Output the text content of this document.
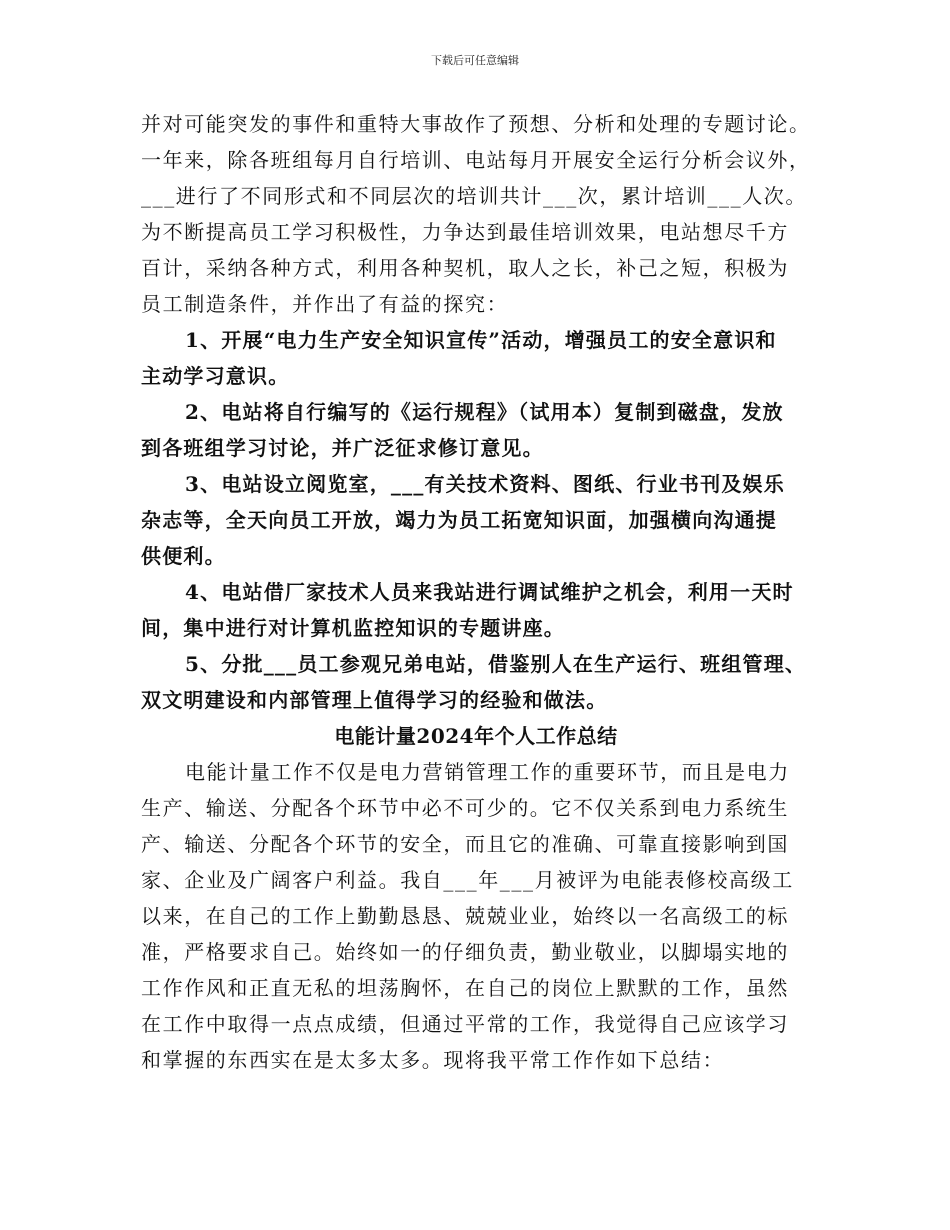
下载后可任意编辑
并对可能突发的事件和重特大事故作了预想、分析和处理的专题讨论。
一年来，除各班组每月自行培训、电站每月开展安全运行分析会议外，
___进行了不同形式和不同层次的培训共计___次，累计培训___人次。
为不断提高员工学习积极性，力争达到最佳培训效果，电站想尽千方
百计，采纳各种方式，利用各种契机，取人之长，补己之短，积极为
员工制造条件，并作出了有益的探究：
1、开展“电力生产安全知识宣传”活动，增强员工的安全意识和
主动学习意识。
2、电站将自行编写的《运行规程》（试用本）复制到磁盘，发放
到各班组学习讨论，并广泛征求修订意见。
3、电站设立阅览室，___有关技术资料、图纸、行业书刊及娱乐
杂志等，全天向员工开放，竭力为员工拓宽知识面，加强横向沟通提
供便利。
4、电站借厂家技术人员来我站进行调试维护之机会，利用一天时
间，集中进行对计算机监控知识的专题讲座。
5、分批___员工参观兄弟电站，借鉴别人在生产运行、班组管理、
双文明建设和内部管理上值得学习的经验和做法。
电能计量2024年个人工作总结
电能计量工作不仅是电力营销管理工作的重要环节，而且是电力
生产、输送、分配各个环节中必不可少的。它不仅关系到电力系统生
产、输送、分配各个环节的安全，而且它的准确、可靠直接影响到国
家、企业及广阔客户利益。我自___年___月被评为电能表修校高级工
以来，在自己的工作上勤勤恳恳、兢兢业业，始终以一名高级工的标
准，严格要求自己。始终如一的仔细负责，勤业敬业，以脚塌实地的
工作作风和正直无私的坦荡胸怀，在自己的岗位上默默的工作，虽然
在工作中取得一点点成绩，但通过平常的工作，我觉得自己应该学习
和掌握的东西实在是太多太多。现将我平常工作作如下总结：
